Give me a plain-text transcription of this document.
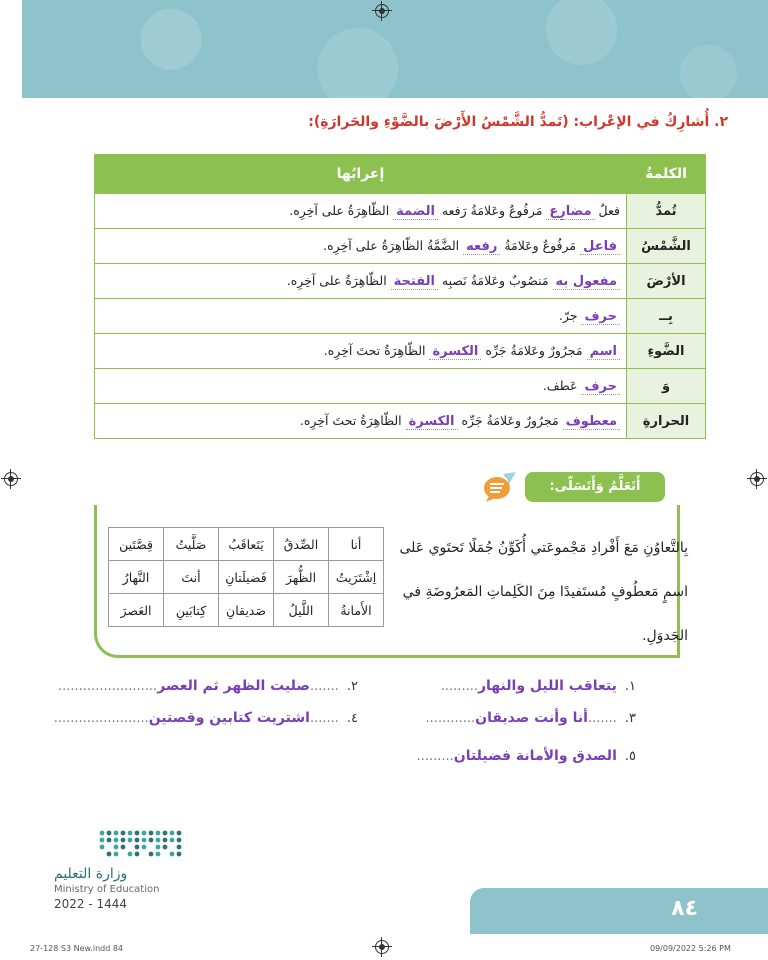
٢. أُشارِكُ في الإعْراب: (تَمدُّ الشَّمْسُ الأَرْضَ بالضَّوْءِ والحَرارَةِ):
الكلمةُ	إعرابُها
تُمدُّ	فعلٌ مضارِع مَرفُوعٌ وعَلامَةُ رَفعه الضمة الظّاهِرَةُ على آخِرِه.
الشَّمْسُ	فاعل مَرفُوعٌ وعَلامَةُ رفعه الضَّمَّةُ الظّاهِرَةُ على آخِرِه.
الأرْضَ	مفعول به مَنصُوبٌ وعَلامَةُ نَصبِه الفتحة الظّاهِرَةُ على آخِرِه.
بِــ	حرف جرّ.
الضَّوءِ	اسم مَجرُورٌ وعَلامَةُ جَرِّه الكسرة الظّاهِرَةُ تحتَ آخِرِه.
وَ	حرف عَطف.
الحرارةِ	معطوف مَجرُورٌ وعَلامَةُ جَرِّه الكسرة الظّاهِرَةُ تحتَ آخِرِه.
أَتَعَلَّمُ وَأَتَسَلّى:
بِالتَّعاوُنِ مَعَ أَفْرادِ مَجْموعَتي أُكَوِّنُ جُمَلًا تَحتَوي عَلى اسمٍ مَعطُوفٍ مُستَفيدًا مِنَ الكَلِماتِ المَعرُوضَةِ في الجَدوَلِ.
أنا	الصِّدقُ	يَتَعاقَبُ	صَلَّيتُ	قِصَّتَين
اِشْتَرَيتُ	الظُّهرَ	فَضيلَتانِ	أنتَ	النَّهارُ
الأَمانةُ	اللَّيلُ	صَديقانِ	كِتابَينِ	العَصرَ
١.يتعاقب الليل والنهار.........
٢........صليت الظهر ثم العصر........................
٣........أنا وأنت صديقان............
٤........اشتريت كتابين وقصتين.......................
٥.الصدق والأمانة فضيلتان.........
وزارة التعليم
Ministry of Education
2022 - 1444	٨٤
27-128 S3 New.indd 84	09/09/2022 5:26 PM
